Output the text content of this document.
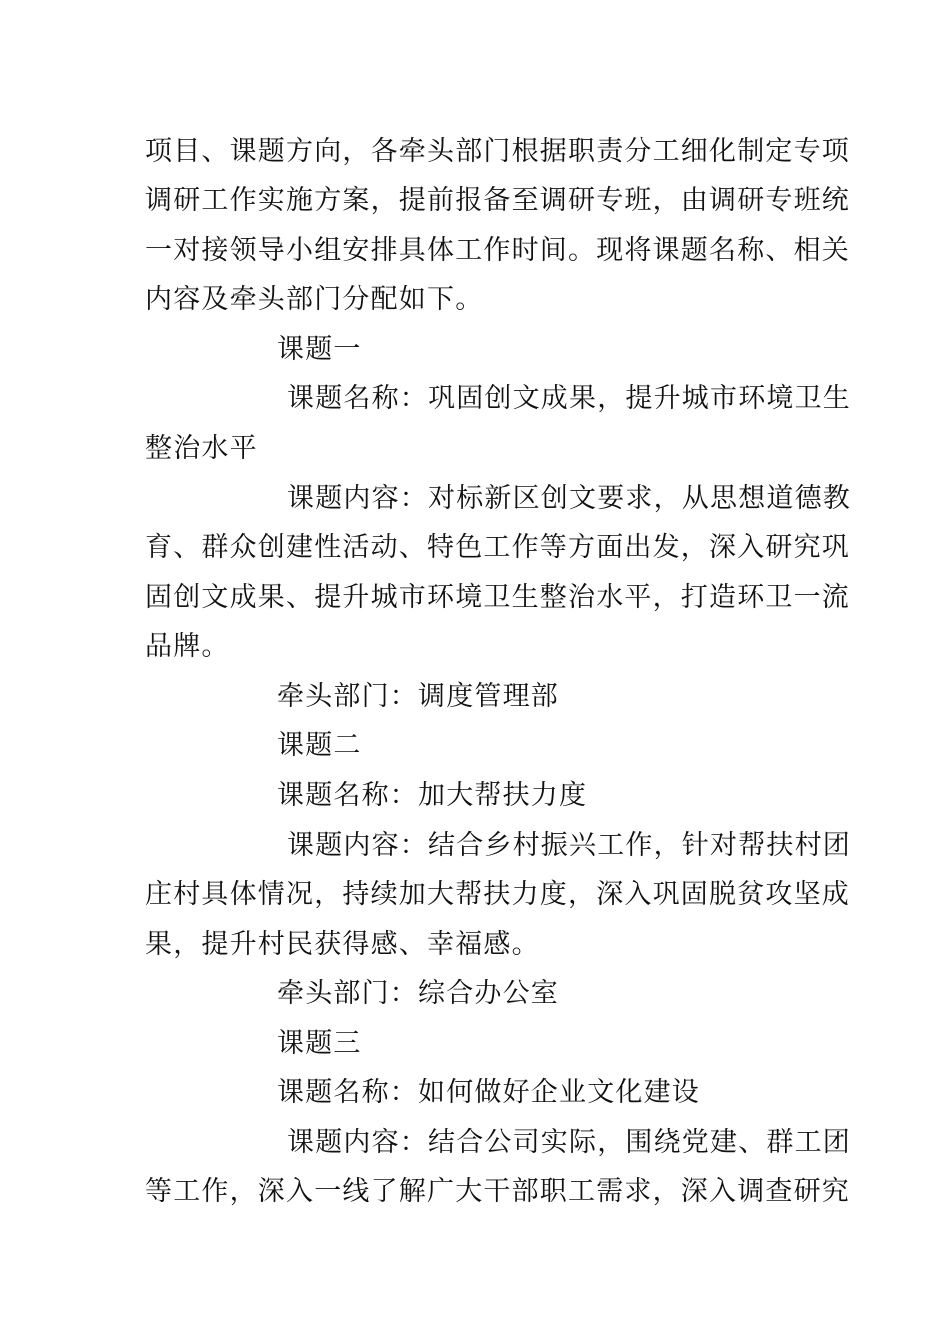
项目、课题方向，各牵头部门根据职责分工细化制定专项
调研工作实施方案，提前报备至调研专班，由调研专班统
一对接领导小组安排具体工作时间。现将课题名称、相关
内容及牵头部门分配如下。
课题一
课题名称：巩固创文成果，提升城市环境卫生
整治水平
课题内容：对标新区创文要求，从思想道德教
育、群众创建性活动、特色工作等方面出发，深入研究巩
固创文成果、提升城市环境卫生整治水平，打造环卫一流
品牌。
牵头部门：调度管理部
课题二
课题名称：加大帮扶力度
课题内容：结合乡村振兴工作，针对帮扶村团
庄村具体情况，持续加大帮扶力度，深入巩固脱贫攻坚成
果，提升村民获得感、幸福感。
牵头部门：综合办公室
课题三
课题名称：如何做好企业文化建设
课题内容：结合公司实际，围绕党建、群工团
等工作，深入一线了解广大干部职工需求，深入调查研究
